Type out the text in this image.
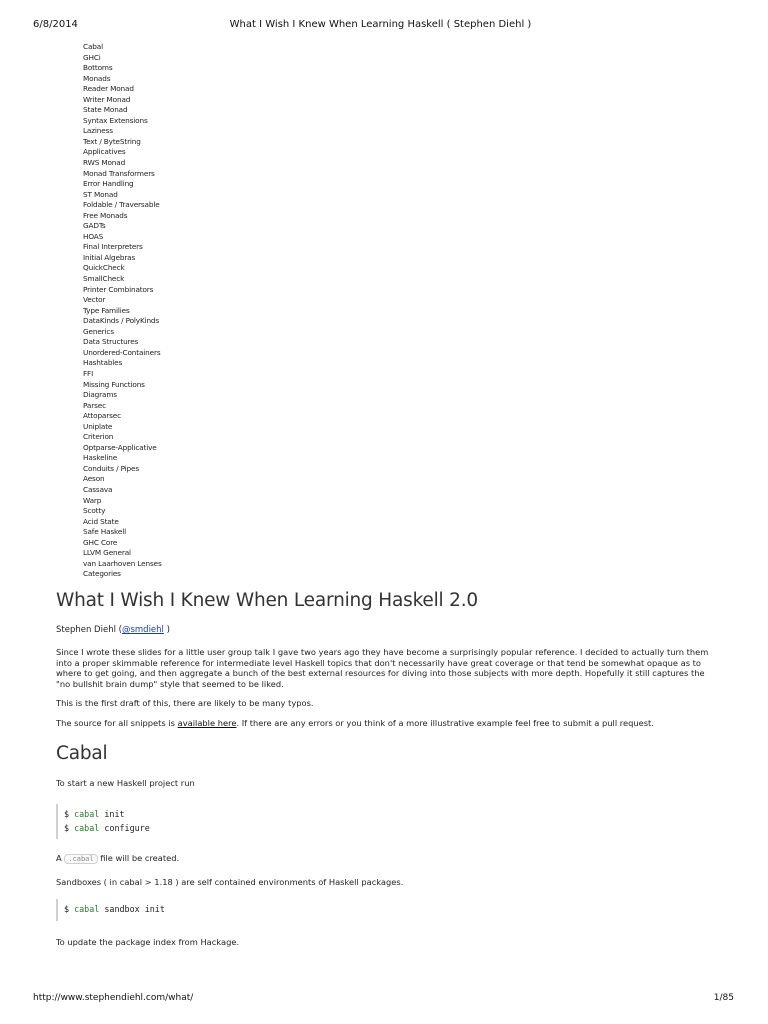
6/8/2014	What I Wish I Knew When Learning Haskell ( Stephen Diehl )
Cabal
GHCi
Bottoms
Monads
Reader Monad
Writer Monad
State Monad
Syntax Extensions
Laziness
Text / ByteString
Applicatives
RWS Monad
Monad Transformers
Error Handling
ST Monad
Foldable / Traversable
Free Monads
GADTs
HOAS
Final Interpreters
Initial Algebras
QuickCheck
SmallCheck
Printer Combinators
Vector
Type Families
DataKinds / PolyKinds
Generics
Data Structures
Unordered-Containers
Hashtables
FFI
Missing Functions
Diagrams
Parsec
Attoparsec
Uniplate
Criterion
Optparse-Applicative
Haskeline
Conduits / Pipes
Aeson
Cassava
Warp
Scotty
Acid State
Safe Haskell
GHC Core
LLVM General
van Laarhoven Lenses
Categories
What I Wish I Knew When Learning Haskell 2.0
Stephen Diehl (@smdiehl )

Since I wrote these slides for a little user group talk I gave two years ago they have become a surprisingly popular reference. I decided to actually turn them into a proper skimmable reference for intermediate level Haskell topics that don't necessarily have great coverage or that tend be somewhat opaque as to where to get going, and then aggregate a bunch of the best external resources for diving into those subjects with more depth. Hopefully it still captures the "no bullshit brain dump" style that seemed to be liked.

This is the first draft of this, there are likely to be many typos.

The source for all snippets is available here. If there are any errors or you think of a more illustrative example feel free to submit a pull request.

Cabal

To start a new Haskell project run

$ cabal init
$ cabal configure

A .cabal file will be created.

Sandboxes ( in cabal > 1.18 ) are self contained environments of Haskell packages.

$ cabal sandbox init

To update the package index from Hackage.

http://www.stephendiehl.com/what/	1/85
